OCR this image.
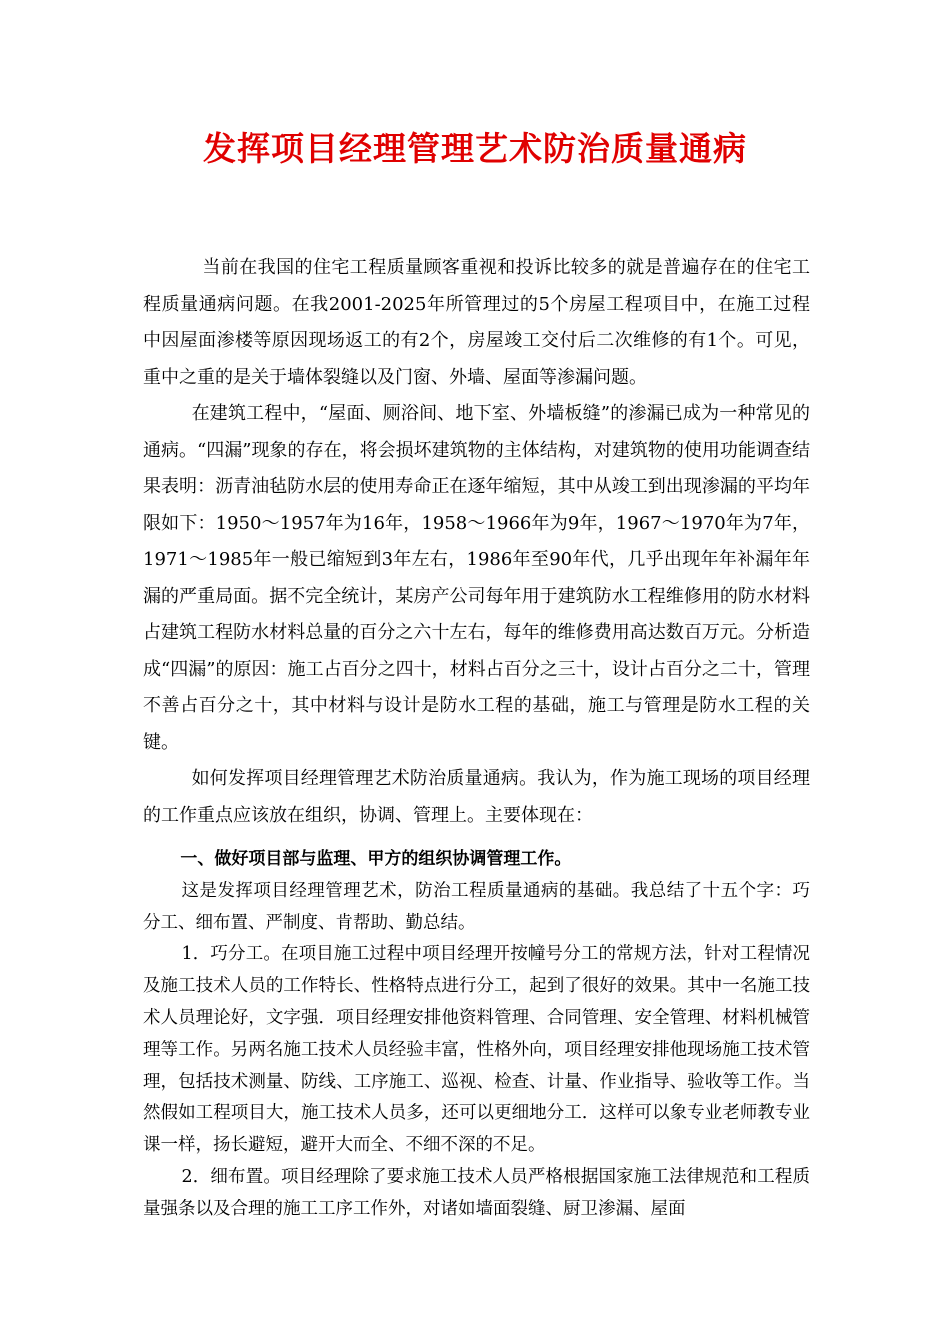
发挥项目经理管理艺术防治质量通病

当前在我国的住宅工程质量顾客重视和投诉比较多的就是普遍存在的住宅工程质量通病问题。在我2001-2025年所管理过的5个房屋工程项目中，在施工过程中因屋面渗楼等原因现场返工的有2个，房屋竣工交付后二次维修的有1个。可见，重中之重的是关于墙体裂缝以及门窗、外墙、屋面等渗漏问题。

在建筑工程中，“屋面、厕浴间、地下室、外墙板缝”的渗漏已成为一种常见的通病。“四漏”现象的存在，将会损坏建筑物的主体结构，对建筑物的使用功能调查结果表明：沥青油毡防水层的使用寿命正在逐年缩短，其中从竣工到出现渗漏的平均年限如下：1950～1957年为16年，1958～1966年为9年，1967～1970年为7年，1971～1985年一般已缩短到3年左右，1986年至90年代，几乎出现年年补漏年年漏的严重局面。据不完全统计，某房产公司每年用于建筑防水工程维修用的防水材料占建筑工程防水材料总量的百分之六十左右，每年的维修费用高达数百万元。分析造成“四漏”的原因：施工占百分之四十，材料占百分之三十，设计占百分之二十，管理不善占百分之十，其中材料与设计是防水工程的基础，施工与管理是防水工程的关键。

如何发挥项目经理管理艺术防治质量通病。我认为，作为施工现场的项目经理的工作重点应该放在组织，协调、管理上。主要体现在：

一、做好项目部与监理、甲方的组织协调管理工作。

这是发挥项目经理管理艺术，防治工程质量通病的基础。我总结了十五个字：巧分工、细布置、严制度、肯帮助、勤总结。

1．巧分工。在项目施工过程中项目经理开按幢号分工的常规方法，针对工程情况及施工技术人员的工作特长、性格特点进行分工，起到了很好的效果。其中一名施工技术人员理论好，文字强．项目经理安排他资料管理、合同管理、安全管理、材料机械管理等工作。另两名施工技术人员经验丰富，性格外向，项目经理安排他现场施工技术管理，包括技术测量、防线、工序施工、巡视、检查、计量、作业指导、验收等工作。当然假如工程项目大，施工技术人员多，还可以更细地分工．这样可以象专业老师教专业课一样，扬长避短，避开大而全、不细不深的不足。

2．细布置。项目经理除了要求施工技术人员严格根据国家施工法律规范和工程质量强条以及合理的施工工序工作外，对诸如墙面裂缝、厨卫渗漏、屋面
